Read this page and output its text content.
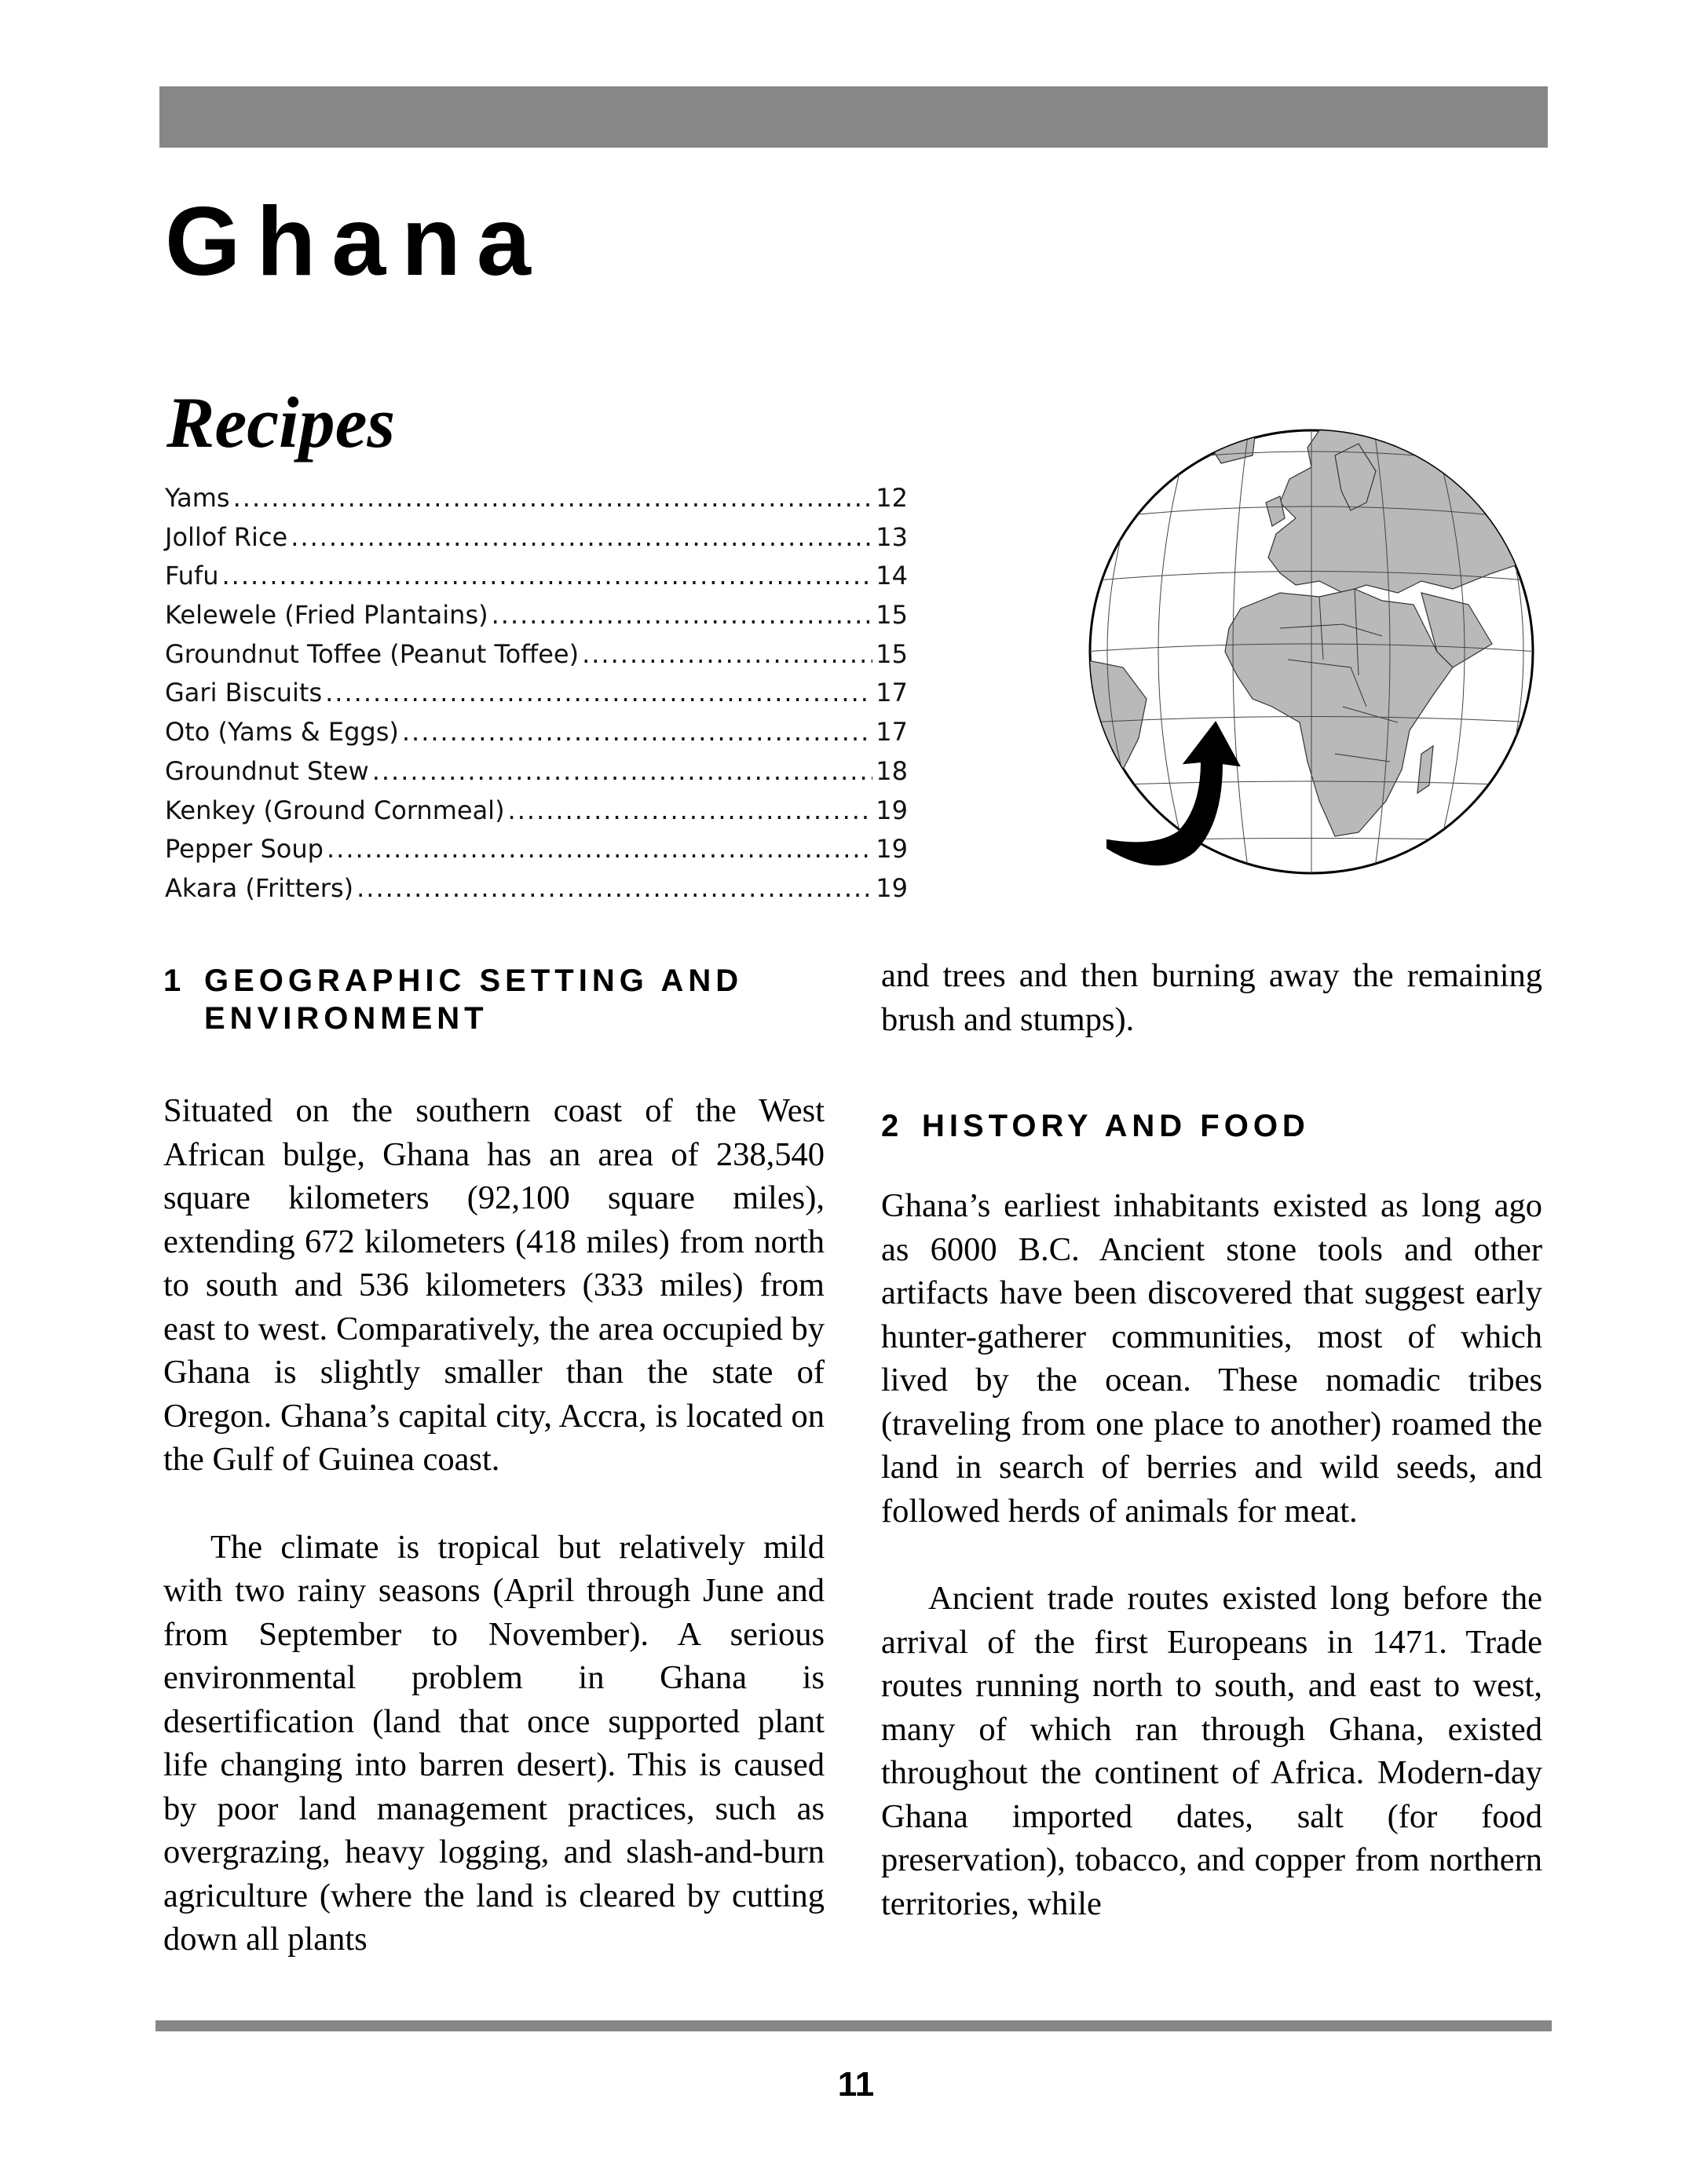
Ghana
Recipes
Yams .....	12
Jollof Rice .....	13
Fufu .....	14
Kelewele (Fried Plantains) .....	15
Groundnut Toffee (Peanut Toffee) .....	15
Gari Biscuits .....	17
Oto (Yams & Eggs) .....	17
Groundnut Stew .....	18
Kenkey (Ground Cornmeal) .....	19
Pepper Soup .....	19
Akara (Fritters) .....	19
1 GEOGRAPHIC SETTING AND
ENVIRONMENT

Situated on the southern coast of the West African bulge, Ghana has an area of 238,540 square kilometers (92,100 square miles), extending 672 kilometers (418 miles) from north to south and 536 kilometers (333 miles) from east to west. Comparatively, the area occupied by Ghana is slightly smaller than the state of Oregon. Ghana’s capital city, Accra, is located on the Gulf of Guinea coast.

The climate is tropical but relatively mild with two rainy seasons (April through June and from September to November). A serious environmental problem in Ghana is desertification (land that once supported plant life changing into barren desert). This is caused by poor land management practices, such as overgrazing, heavy logging, and slash-and-burn agriculture (where the land is cleared by cutting down all plants

and trees and then burning away the remaining brush and stumps).

2 HISTORY AND FOOD

Ghana’s earliest inhabitants existed as long ago as 6000 B.C. Ancient stone tools and other artifacts have been discovered that suggest early hunter-gatherer communities, most of which lived by the ocean. These nomadic tribes (traveling from one place to another) roamed the land in search of berries and wild seeds, and followed herds of animals for meat.

Ancient trade routes existed long before the arrival of the first Europeans in 1471. Trade routes running north to south, and east to west, many of which ran through Ghana, existed throughout the continent of Africa. Modern-day Ghana imported dates, salt (for food preservation), tobacco, and copper from northern territories, while

11
